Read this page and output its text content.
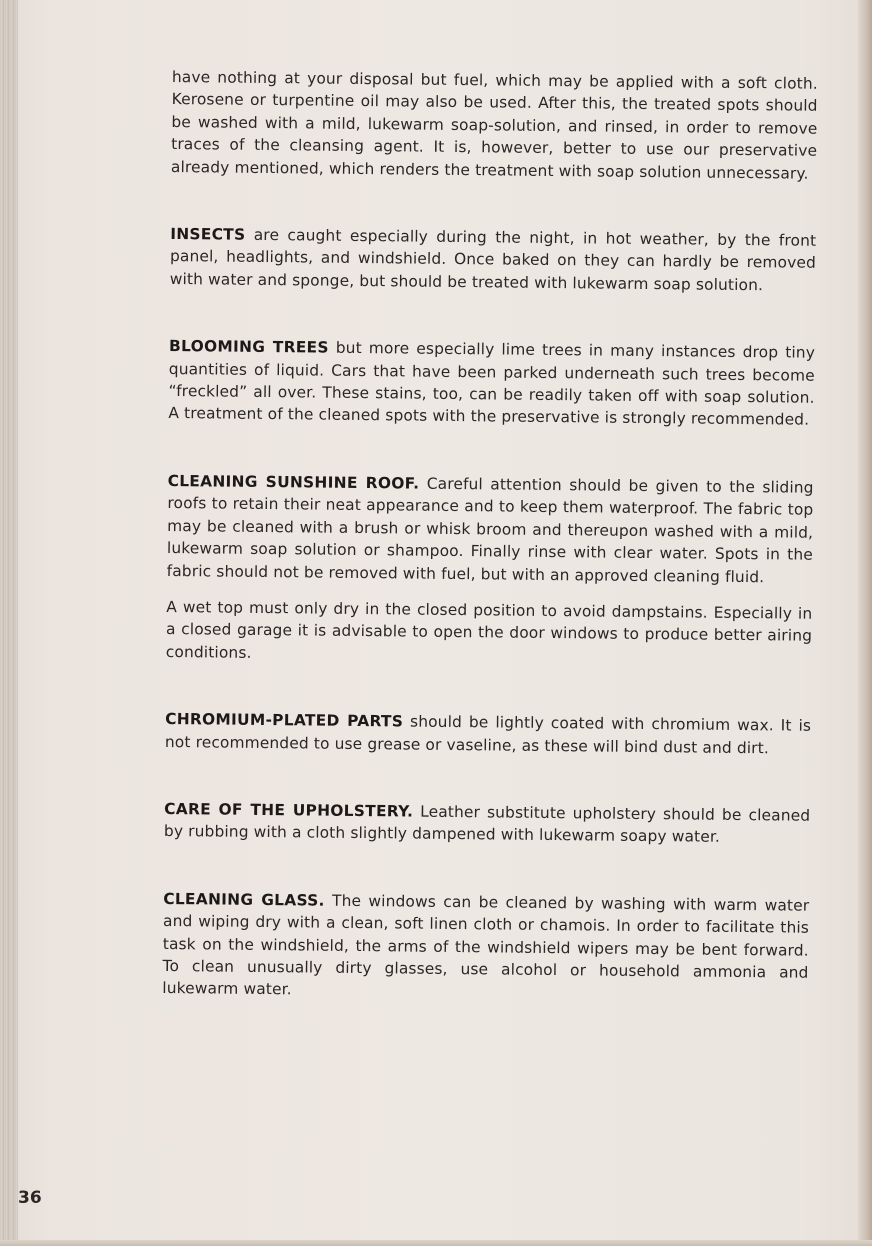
have nothing at your disposal but fuel, which may be applied with a soft cloth. Kerosene or turpentine oil may also be used. After this, the treated spots should be washed with a mild, lukewarm soap-solution, and rinsed, in order to remove traces of the cleansing agent. It is, however, better to use our preservative already mentioned, which renders the treatment with soap solution unnecessary.

INSECTS are caught especially during the night, in hot weather, by the front panel, headlights, and windshield. Once baked on they can hardly be removed with water and sponge, but should be treated with lukewarm soap solution.

BLOOMING TREES but more especially lime trees in many instances drop tiny quantities of liquid. Cars that have been parked underneath such trees become “freckled” all over. These stains, too, can be readily taken off with soap solution. A treatment of the cleaned spots with the preservative is strongly recommended.

CLEANING SUNSHINE ROOF. Careful attention should be given to the sliding roofs to retain their neat appearance and to keep them waterproof. The fabric top may be cleaned with a brush or whisk broom and thereupon washed with a mild, lukewarm soap solution or shampoo. Finally rinse with clear water. Spots in the fabric should not be removed with fuel, but with an approved cleaning fluid.

A wet top must only dry in the closed position to avoid dampstains. Especially in a closed garage it is advisable to open the door windows to produce better airing conditions.

CHROMIUM-PLATED PARTS should be lightly coated with chromium wax. It is not recommended to use grease or vaseline, as these will bind dust and dirt.

CARE OF THE UPHOLSTERY. Leather substitute upholstery should be cleaned by rubbing with a cloth slightly dampened with lukewarm soapy water.

CLEANING GLASS. The windows can be cleaned by washing with warm water and wiping dry with a clean, soft linen cloth or chamois. In order to facilitate this task on the windshield, the arms of the windshield wipers may be bent forward. To clean unusually dirty glasses, use alcohol or household ammonia and lukewarm water.

36
